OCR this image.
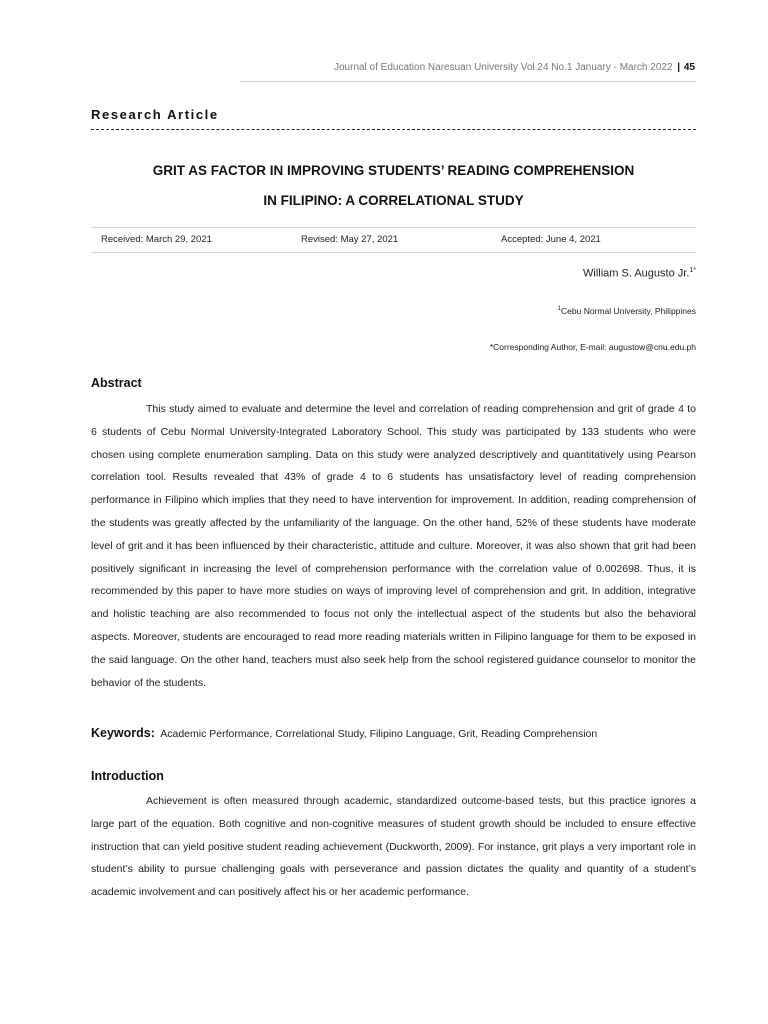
Journal of Education Naresuan University Vol.24 No.1 January - March 2022 | 45
Research Article
GRIT AS FACTOR IN IMPROVING STUDENTS’ READING COMPREHENSION
IN FILIPINO: A CORRELATIONAL STUDY
Received: March 29, 2021	Revised: May 27, 2021	Accepted: June 4, 2021
William S. Augusto Jr.$^{1*}$
$^1$Cebu Normal University, Philippines
*Corresponding Author, E-mail: augustow@cnu.edu.ph
Abstract

This study aimed to evaluate and determine the level and correlation of reading comprehension and grit of grade 4 to 6 students of Cebu Normal University-Integrated Laboratory School. This study was participated by 133 students who were chosen using complete enumeration sampling. Data on this study were analyzed descriptively and quantitatively using Pearson correlation tool. Results revealed that 43% of grade 4 to 6 students has unsatisfactory level of reading comprehension performance in Filipino which implies that they need to have intervention for improvement. In addition, reading comprehension of the students was greatly affected by the unfamiliarity of the language. On the other hand, 52% of these students have moderate level of grit and it has been influenced by their characteristic, attitude and culture. Moreover, it was also shown that grit had been positively significant in increasing the level of comprehension performance with the correlation value of 0.002698. Thus, it is recommended by this paper to have more studies on ways of improving level of comprehension and grit. In addition, integrative and holistic teaching are also recommended to focus not only the intellectual aspect of the students but also the behavioral aspects. Moreover, students are encouraged to read more reading materials written in Filipino language for them to be exposed in the said language. On the other hand, teachers must also seek help from the school registered guidance counselor to monitor the behavior of the students.

Keywords: Academic Performance, Correlational Study, Filipino Language, Grit, Reading Comprehension
Introduction

Achievement is often measured through academic, standardized outcome-based tests, but this practice ignores a large part of the equation. Both cognitive and non-cognitive measures of student growth should be included to ensure effective instruction that can yield positive student reading achievement (Duckworth, 2009). For instance, grit plays a very important role in student’s ability to pursue challenging goals with perseverance and passion dictates the quality and quantity of a student’s academic involvement and can positively affect his or her academic performance.
